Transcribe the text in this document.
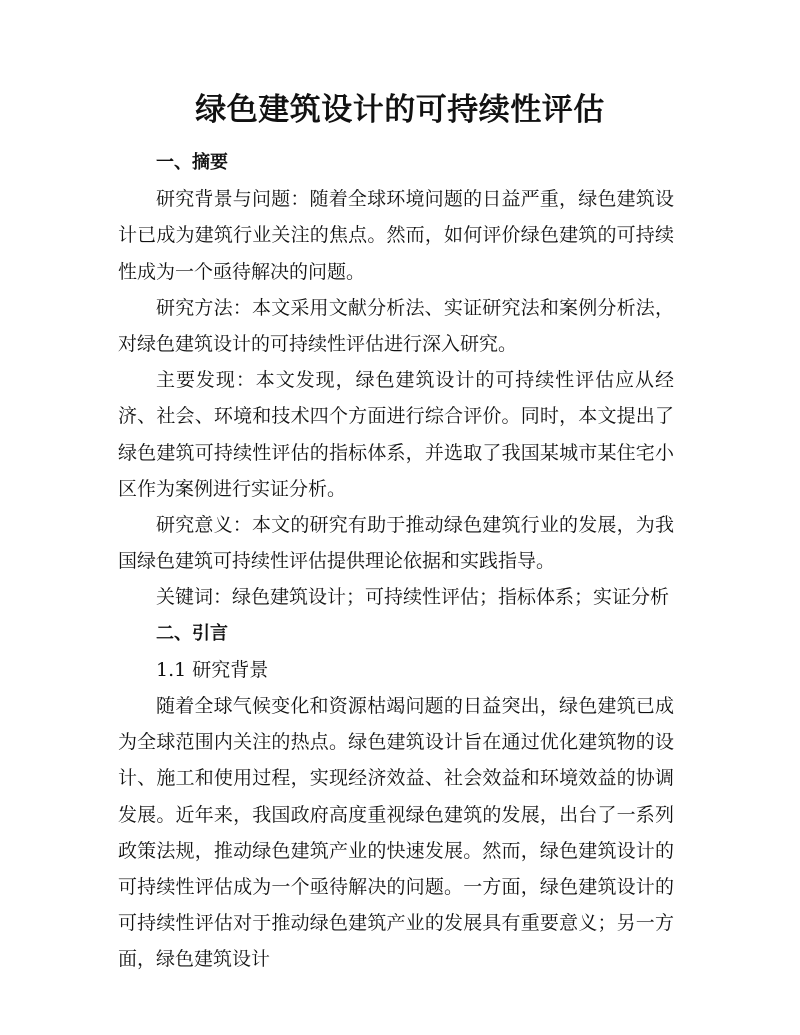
绿色建筑设计的可持续性评估
一、摘要

研究背景与问题：随着全球环境问题的日益严重，绿色建筑设计已成为建筑行业关注的焦点。然而，如何评价绿色建筑的可持续性成为一个亟待解决的问题。

研究方法：本文采用文献分析法、实证研究法和案例分析法，对绿色建筑设计的可持续性评估进行深入研究。

主要发现：本文发现，绿色建筑设计的可持续性评估应从经济、社会、环境和技术四个方面进行综合评价。同时，本文提出了绿色建筑可持续性评估的指标体系，并选取了我国某城市某住宅小区作为案例进行实证分析。

研究意义：本文的研究有助于推动绿色建筑行业的发展，为我国绿色建筑可持续性评估提供理论依据和实践指导。

关键词：绿色建筑设计；可持续性评估；指标体系；实证分析

二、引言

1.1 研究背景

随着全球气候变化和资源枯竭问题的日益突出，绿色建筑已成为全球范围内关注的热点。绿色建筑设计旨在通过优化建筑物的设计、施工和使用过程，实现经济效益、社会效益和环境效益的协调发展。近年来，我国政府高度重视绿色建筑的发展，出台了一系列政策法规，推动绿色建筑产业的快速发展。然而，绿色建筑设计的可持续性评估成为一个亟待解决的问题。一方面，绿色建筑设计的可持续性评估对于推动绿色建筑产业的发展具有重要意义；另一方面，绿色建筑设计
